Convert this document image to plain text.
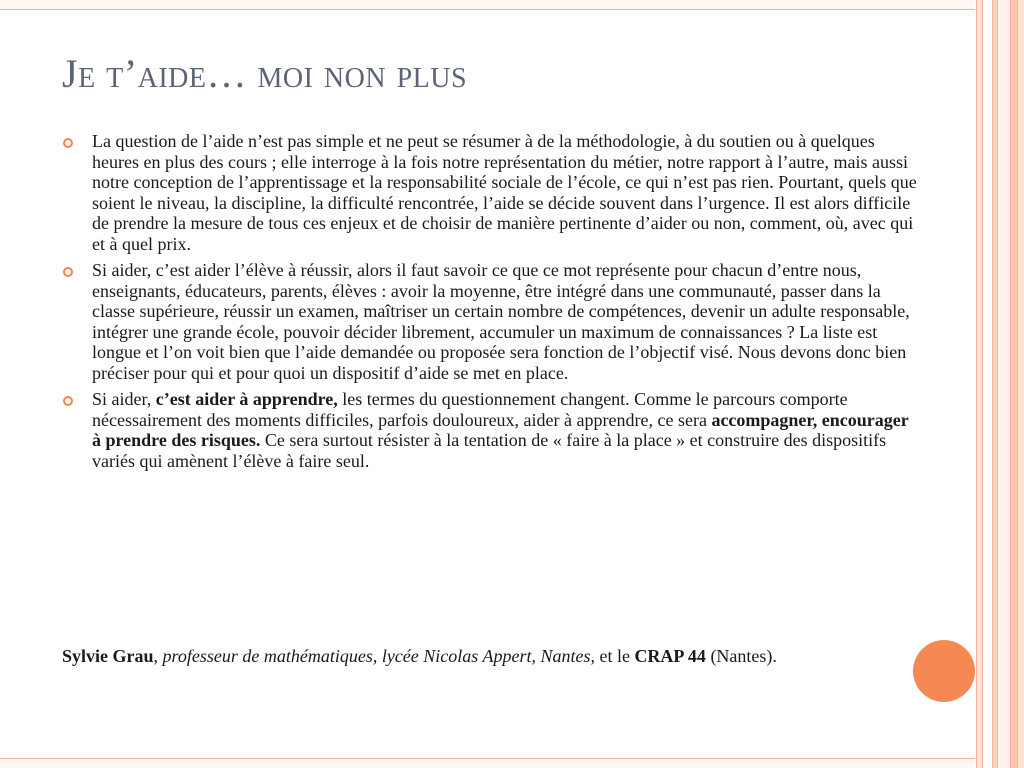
Je t’aide… moi non plus
La question de l’aide n’est pas simple et ne peut se résumer à de la méthodologie, à du soutien ou à quelques heures en plus des cours ; elle interroge à la fois notre représentation du métier, notre rapport à l’autre, mais aussi notre conception de l’apprentissage et la responsabilité sociale de l’école, ce qui n’est pas rien. Pourtant, quels que soient le niveau, la discipline, la difficulté rencontrée, l’aide se décide souvent dans l’urgence. Il est alors difficile de prendre la mesure de tous ces enjeux et de choisir de manière pertinente d’aider ou non, comment, où, avec qui et à quel prix.
Si aider, c’est aider l’élève à réussir, alors il faut savoir ce que ce mot représente pour chacun d’entre nous, enseignants, éducateurs, parents, élèves : avoir la moyenne, être intégré dans une communauté, passer dans la classe supérieure, réussir un examen, maîtriser un certain nombre de compétences, devenir un adulte responsable, intégrer une grande école, pouvoir décider librement, accumuler un maximum de connaissances ? La liste est longue et l’on voit bien que l’aide demandée ou proposée sera fonction de l’objectif visé. Nous devons donc bien préciser pour qui et pour quoi un dispositif d’aide se met en place.
Si aider, c’est aider à apprendre, les termes du questionnement changent. Comme le parcours comporte nécessairement des moments difficiles, parfois douloureux, aider à apprendre, ce sera accompagner, encourager à prendre des risques. Ce sera surtout résister à la tentation de « faire à la place » et construire des dispositifs variés qui amènent l’élève à faire seul.
Sylvie Grau, professeur de mathématiques, lycée Nicolas Appert, Nantes, et le CRAP 44 (Nantes).
